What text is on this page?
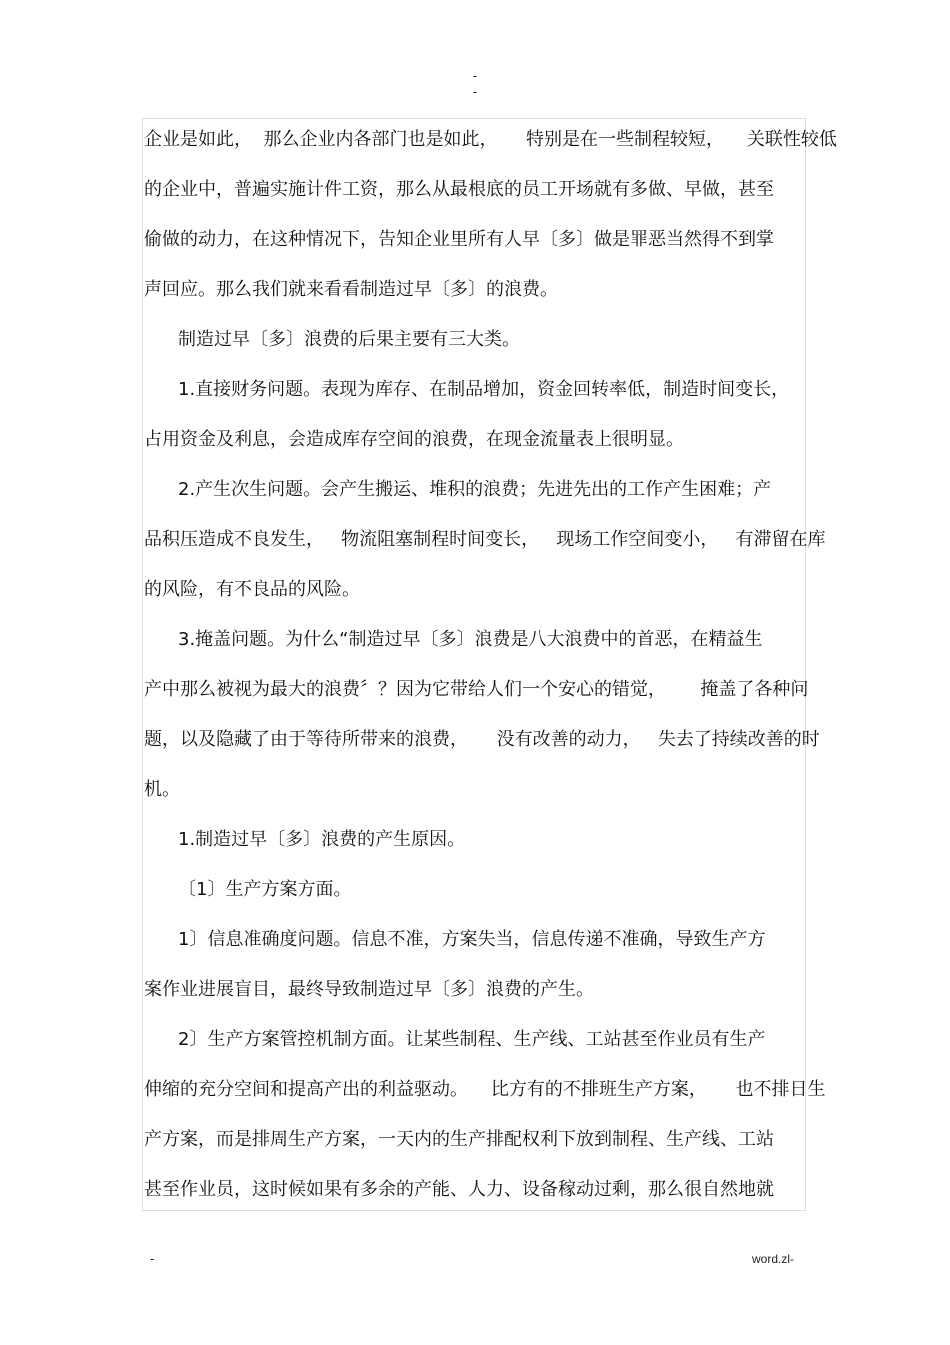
-
-
企业是如此，  那么企业内各部门也是如此，     特别是在一些制程较短，    关联性较低
的企业中，普遍实施计件工资，那么从最根底的员工开场就有多做、早做，甚至
偷做的动力，在这种情况下，告知企业里所有人早〔多〕做是罪恶当然得不到掌
声回应。那么我们就来看看制造过早〔多〕的浪费。
制造过早〔多〕浪费的后果主要有三大类。
1.直接财务问题。表现为库存、在制品增加，资金回转率低，制造时间变长，
占用资金及利息，会造成库存空间的浪费，在现金流量表上很明显。
2.产生次生问题。会产生搬运、堆积的浪费；先进先出的工作产生困难；产
品积压造成不良发生，   物流阻塞制程时间变长，   现场工作空间变小，   有滞留在库
的风险，有不良品的风险。
3.掩盖问题。为什么“制造过早〔多〕浪费是八大浪费中的首恶，在精益生
产中那么被视为最大的浪费〞？因为它带给人们一个安心的错觉，      掩盖了各种问
题，以及隐藏了由于等待所带来的浪费，     没有改善的动力，   失去了持续改善的时
机。
1.制造过早〔多〕浪费的产生原因。
〔1〕生产方案方面。
1〕信息准确度问题。信息不准，方案失当，信息传递不准确，导致生产方
案作业进展盲目，最终导致制造过早〔多〕浪费的产生。
2〕生产方案管控机制方面。让某些制程、生产线、工站甚至作业员有生产
伸缩的充分空间和提高产出的利益驱动。    比方有的不排班生产方案，     也不排日生
产方案，而是排周生产方案，一天内的生产排配权利下放到制程、生产线、工站
甚至作业员，这时候如果有多余的产能、人力、设备稼动过剩，那么很自然地就
-	word.zl-
